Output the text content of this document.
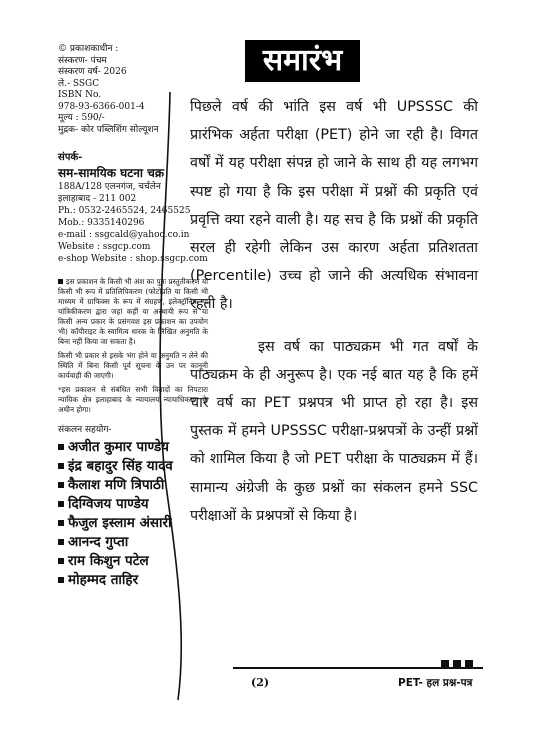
© प्रकाशकाधीन :
संस्करण- पंचम
संस्करण वर्ष- 2026
ले.- SSGC
ISBN No.
978-93-6366-001-4
मूल्य : 590/-
मुद्रक- कोर पब्लिशिंग सोल्यूशन
संपर्क-
सम-सामयिक घटना चक्र
188A/128 एलनगंज, चर्चलेन
इलाहाबाद - 211 002
Ph.: 0532-2465524, 2465525
Mob.: 9335140296
e-mail : ssgcald@yahoo.co.in
Website : ssgcp.com
e-shop Website : shop.ssgcp.com

इस प्रकाशन के किसी भी अंश का पुनः प्रस्तुतीकरण या किसी भी रूप में प्रतिलिपिकरण (फोटोप्रति या किसी भी माध्यम में ग्राफिक्स के रूप में संग्रहण, इलेक्ट्रॉनिक या यांत्रिकीकरण द्वारा जहां कहीं या अस्थायी रूप से या किसी अन्य प्रकार के प्रसंगवश इस प्रकाशन का उपयोग भी) कॉपीराइट के स्वामित्व धारक के लिखित अनुमति के बिना नहीं किया जा सकता है।

किसी भी प्रकार से इसके भंग होने या अनुमति न लेने की स्थिति में बिना किसी पूर्व सूचना के उन पर कानूनी कार्यवाही की जाएगी।

*इस प्रकाशन से संबंधित सभी विवादों का निपटारा न्यायिक क्षेत्र इलाहाबाद के न्यायालय न्यायाधिकरण के अधीन होगा।

संकलन सहयोग-
अजीत कुमार पाण्डेय
इंद्र बहादुर सिंह यादव
कैलाश मणि त्रिपाठी
दिग्विजय पाण्डेय
फैजुल इस्लाम अंसारी
आनन्द गुप्ता
राम किशुन पटेल
मोहम्मद ताहिर
समारंभ

पिछले वर्ष की भांति इस वर्ष भी UPSSSC की प्रारंभिक अर्हता परीक्षा (PET) होने जा रही है। विगत वर्षों में यह परीक्षा संपन्न हो जाने के साथ ही यह लगभग स्पष्ट हो गया है कि इस परीक्षा में प्रश्नों की प्रकृति एवं प्रवृत्ति क्या रहने वाली है। यह सच है कि प्रश्नों की प्रकृति सरल ही रहेगी लेकिन उस कारण अर्हता प्रतिशतता (Percentile) उच्च हो जाने की अत्यधिक संभावना रहती है।

इस वर्ष का पाठ्यक्रम भी गत वर्षों के पाठ्यक्रम के ही अनुरूप है। एक नई बात यह है कि हमें चार वर्ष का PET प्रश्नपत्र भी प्राप्त हो रहा है। इस पुस्तक में हमने UPSSSC परीक्षा-प्रश्नपत्रों के उन्हीं प्रश्नों को शामिल किया है जो PET परीक्षा के पाठ्यक्रम में हैं। सामान्य अंग्रेजी के कुछ प्रश्नों का संकलन हमने SSC परीक्षाओं के प्रश्नपत्रों से किया है।

(2)	PET- हल प्रश्न-पत्र
